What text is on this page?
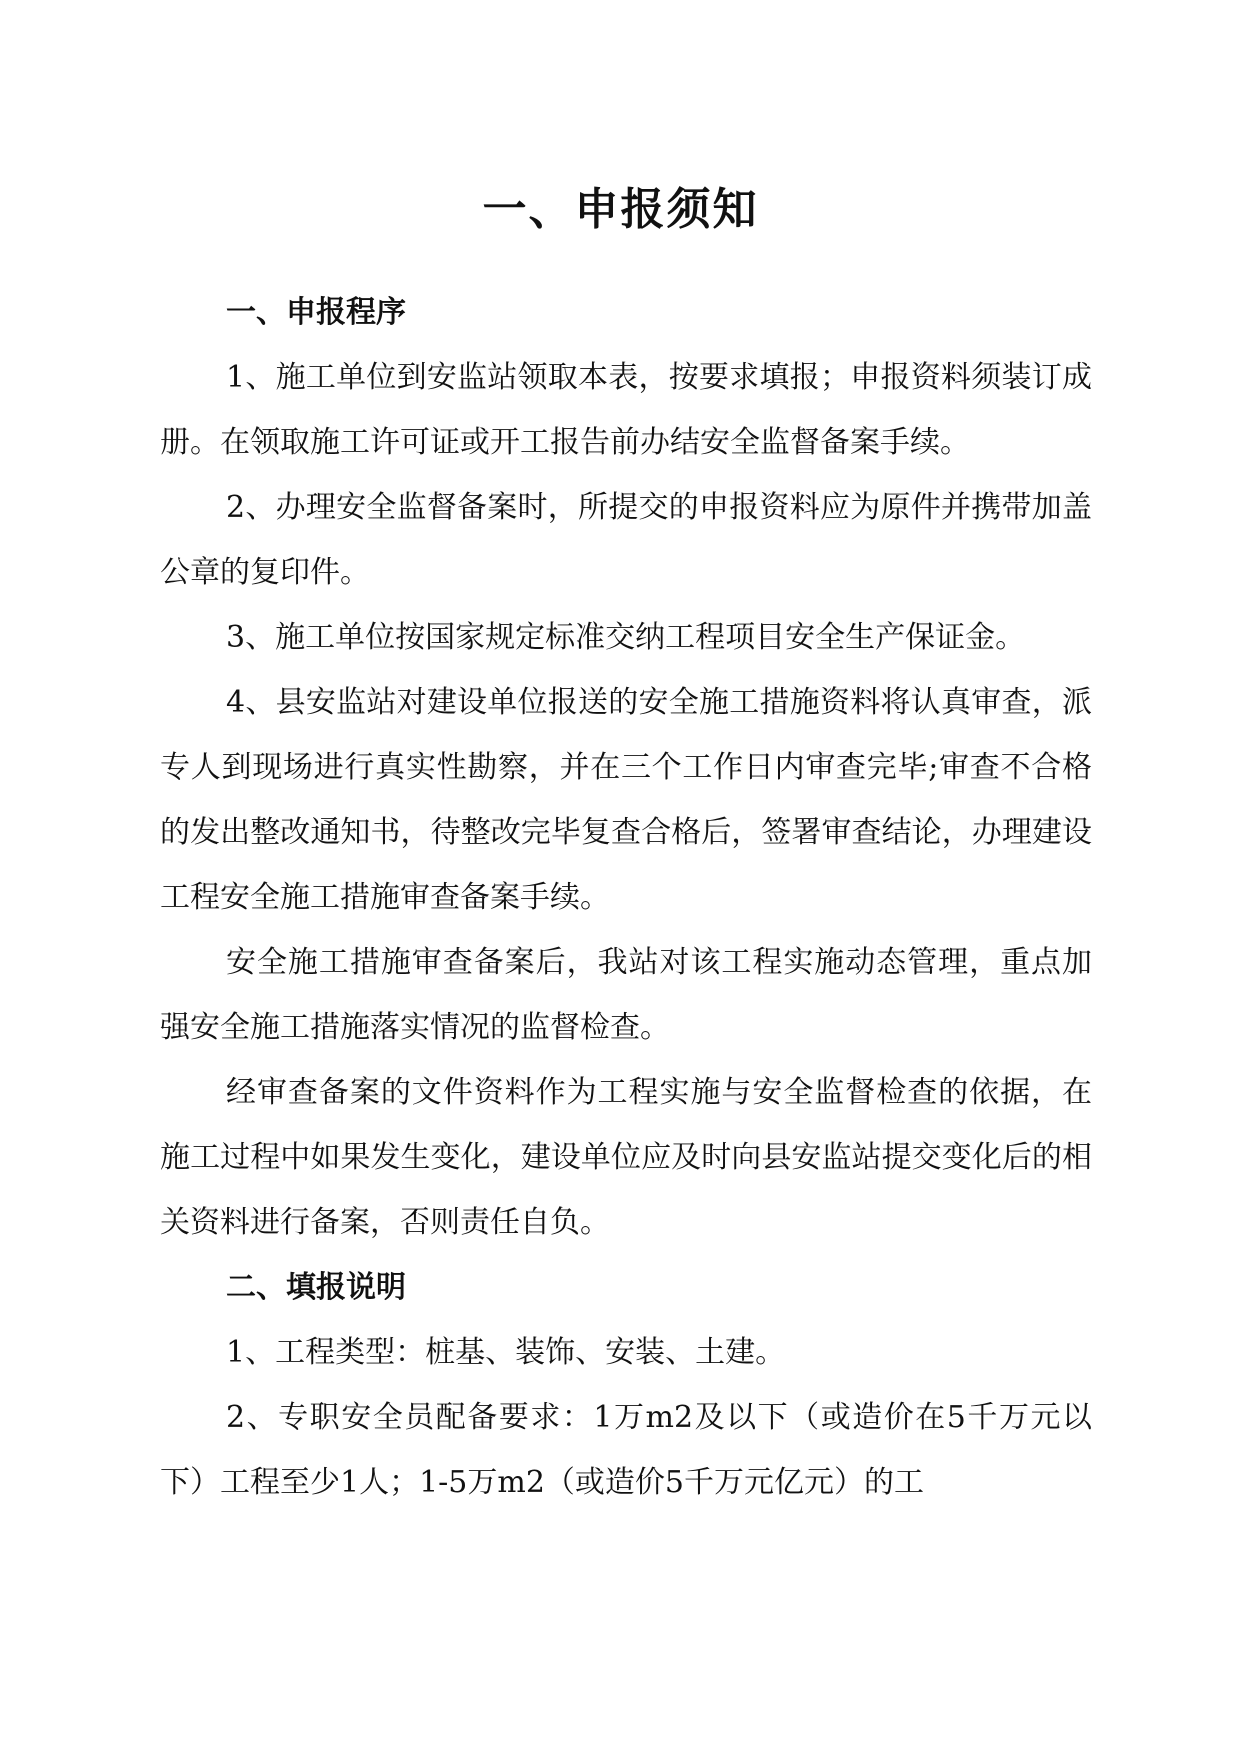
一、申报须知

一、申报程序

1、施工单位到安监站领取本表，按要求填报；申报资料须装订成册。在领取施工许可证或开工报告前办结安全监督备案手续。

2、办理安全监督备案时，所提交的申报资料应为原件并携带加盖公章的复印件。

3、施工单位按国家规定标准交纳工程项目安全生产保证金。

4、县安监站对建设单位报送的安全施工措施资料将认真审查，派专人到现场进行真实性勘察，并在三个工作日内审查完毕;审查不合格的发出整改通知书，待整改完毕复查合格后，签署审查结论，办理建设工程安全施工措施审查备案手续。

安全施工措施审查备案后，我站对该工程实施动态管理，重点加强安全施工措施落实情况的监督检查。

经审查备案的文件资料作为工程实施与安全监督检查的依据，在施工过程中如果发生变化，建设单位应及时向县安监站提交变化后的相关资料进行备案，否则责任自负。

二、填报说明

1、工程类型：桩基、装饰、安装、土建。

2、专职安全员配备要求：1万m2及以下（或造价在5千万元以下）工程至少1人；1-5万m2（或造价5千万元亿元）的工
